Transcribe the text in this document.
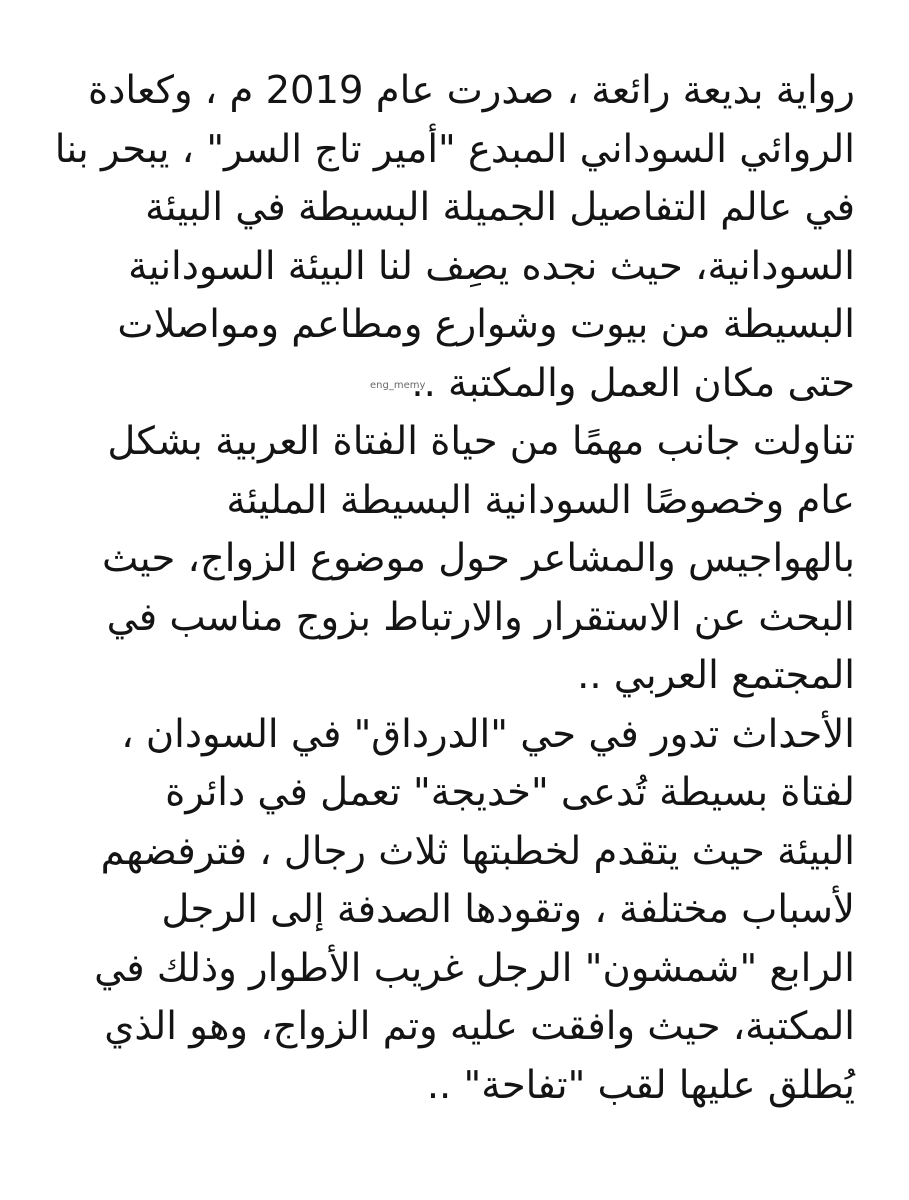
رواية بديعة رائعة ، صدرت عام 2019 م ، وكعادة
الروائي السوداني المبدع "أمير تاج السر" ، يبحر بنا
في عالم التفاصيل الجميلة البسيطة في البيئة
السودانية، حيث نجده يصِف لنا البيئة السودانية
البسيطة من بيوت وشوارع ومطاعم ومواصلات
حتى مكان العمل والمكتبة ..
تناولت جانب مهمًا من حياة الفتاة العربية بشكل
عام وخصوصًا السودانية البسيطة المليئة
بالهواجيس والمشاعر حول موضوع الزواج، حيث
البحث عن الاستقرار والارتباط بزوج مناسب في
المجتمع العربي ..
الأحداث تدور في حي "الدرداق" في السودان ،
لفتاة بسيطة تُدعى "خديجة" تعمل في دائرة
البيئة حيث يتقدم لخطبتها ثلاث رجال ، فترفضهم
لأسباب مختلفة ، وتقودها الصدفة إلى الرجل
الرابع "شمشون" الرجل غريب الأطوار وذلك في
المكتبة، حيث وافقت عليه وتم الزواج، وهو الذي
يُطلق عليها لقب "تفاحة" ..
eng_memy
